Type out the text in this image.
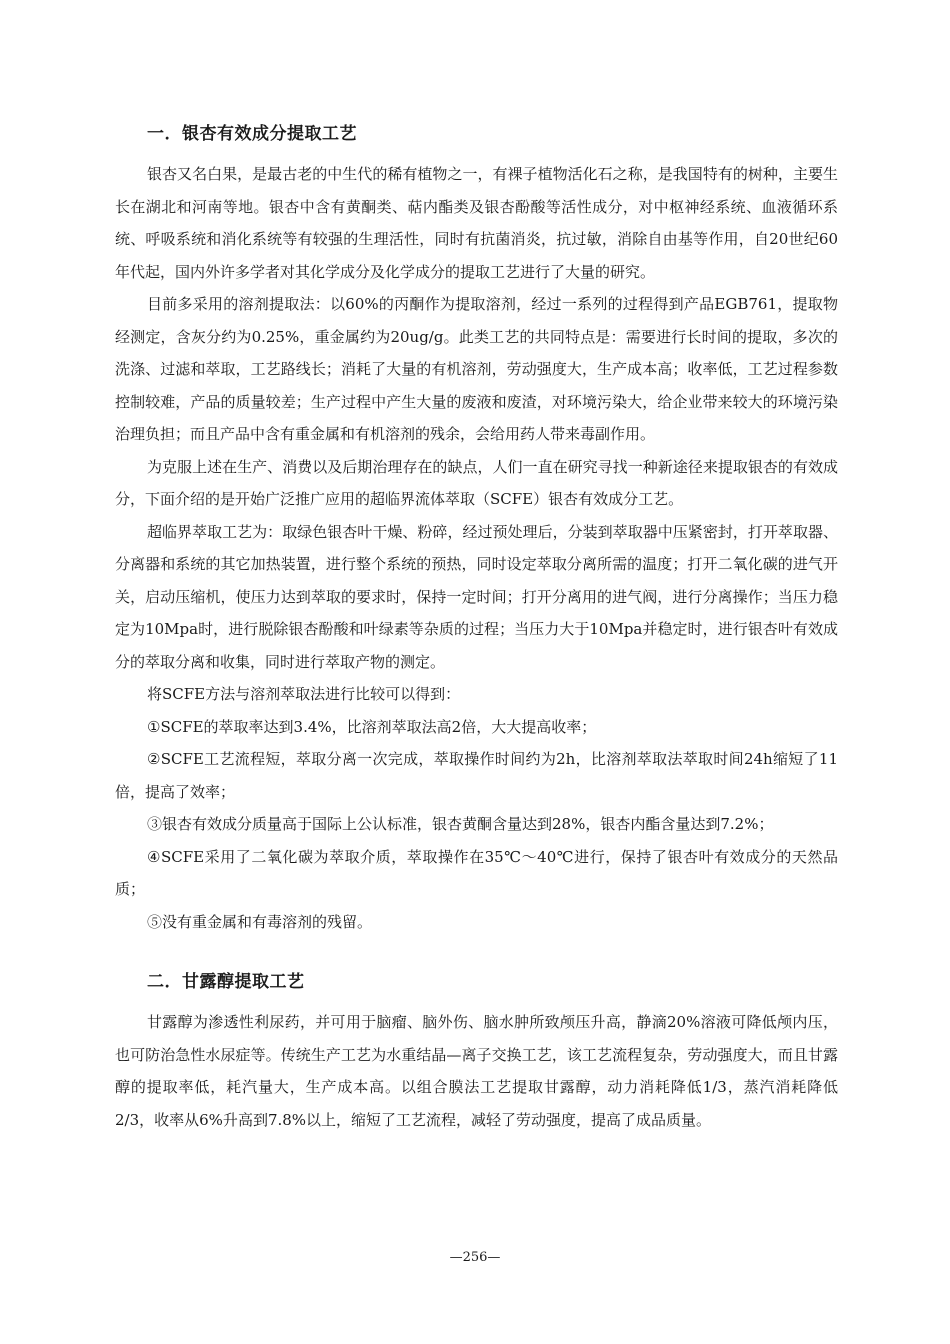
一．银杏有效成分提取工艺

银杏又名白果，是最古老的中生代的稀有植物之一，有裸子植物活化石之称，是我国特有的树种，主要生长在湖北和河南等地。银杏中含有黄酮类、萜内酯类及银杏酚酸等活性成分，对中枢神经系统、血液循环系统、呼吸系统和消化系统等有较强的生理活性，同时有抗菌消炎，抗过敏，消除自由基等作用，自20世纪60年代起，国内外许多学者对其化学成分及化学成分的提取工艺进行了大量的研究。

目前多采用的溶剂提取法：以60%的丙酮作为提取溶剂，经过一系列的过程得到产品EGB761，提取物经测定，含灰分约为0.25%，重金属约为20ug/g。此类工艺的共同特点是：需要进行长时间的提取，多次的洗涤、过滤和萃取，工艺路线长；消耗了大量的有机溶剂，劳动强度大，生产成本高；收率低，工艺过程参数控制较难，产品的质量较差；生产过程中产生大量的废液和废渣，对环境污染大，给企业带来较大的环境污染治理负担；而且产品中含有重金属和有机溶剂的残余，会给用药人带来毒副作用。

为克服上述在生产、消费以及后期治理存在的缺点，人们一直在研究寻找一种新途径来提取银杏的有效成分，下面介绍的是开始广泛推广应用的超临界流体萃取（SCFE）银杏有效成分工艺。

超临界萃取工艺为：取绿色银杏叶干燥、粉碎，经过预处理后，分装到萃取器中压紧密封，打开萃取器、分离器和系统的其它加热装置，进行整个系统的预热，同时设定萃取分离所需的温度；打开二氧化碳的进气开关，启动压缩机，使压力达到萃取的要求时，保持一定时间；打开分离用的进气阀，进行分离操作；当压力稳定为10Mpa时，进行脱除银杏酚酸和叶绿素等杂质的过程；当压力大于10Mpa并稳定时，进行银杏叶有效成分的萃取分离和收集，同时进行萃取产物的测定。

将SCFE方法与溶剂萃取法进行比较可以得到：

①SCFE的萃取率达到3.4%，比溶剂萃取法高2倍，大大提高收率；

②SCFE工艺流程短，萃取分离一次完成，萃取操作时间约为2h，比溶剂萃取法萃取时间24h缩短了11倍，提高了效率；

③银杏有效成分质量高于国际上公认标准，银杏黄酮含量达到28%，银杏内酯含量达到7.2%；

④SCFE采用了二氧化碳为萃取介质，萃取操作在35℃～40℃进行，保持了银杏叶有效成分的天然品质；

⑤没有重金属和有毒溶剂的残留。

二．甘露醇提取工艺

甘露醇为渗透性利尿药，并可用于脑瘤、脑外伤、脑水肿所致颅压升高，静滴20%溶液可降低颅内压，也可防治急性水尿症等。传统生产工艺为水重结晶—离子交换工艺，该工艺流程复杂，劳动强度大，而且甘露醇的提取率低，耗汽量大，生产成本高。以组合膜法工艺提取甘露醇，动力消耗降低1/3，蒸汽消耗降低2/3，收率从6%升高到7.8%以上，缩短了工艺流程，减轻了劳动强度，提高了成品质量。

—256—
